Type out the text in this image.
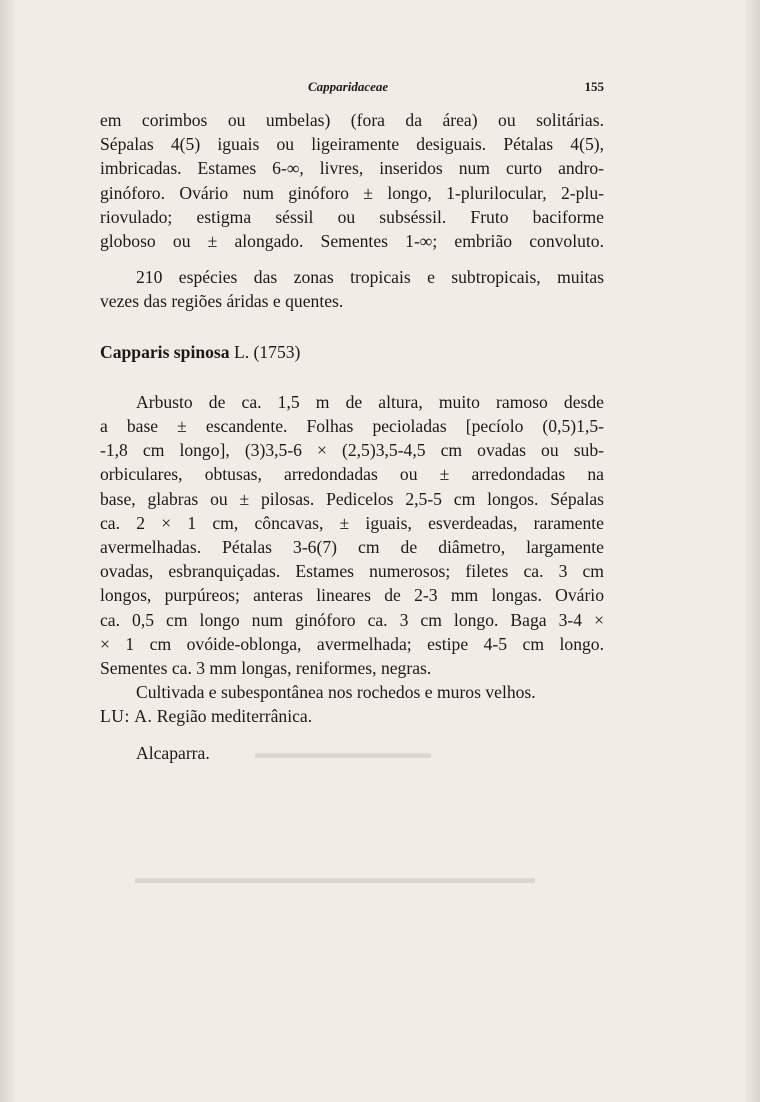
▬▬▬▬▬▬▬▬▬▬▬
▬▬▬▬▬▬▬▬▬▬▬▬▬▬▬▬▬▬▬▬▬▬▬▬▬
Capparidaceae	155
em corimbos ou umbelas) (fora da área) ou solitárias.
Sépalas 4(5) iguais ou ligeiramente desiguais. Pétalas 4(5),
imbricadas. Estames 6-∞, livres, inseridos num curto andro-
ginóforo. Ovário num ginóforo ± longo, 1-plurilocular, 2-plu-
riovulado; estigma séssil ou subséssil. Fruto baciforme
globoso ou ± alongado. Sementes 1-∞; embrião convoluto.
210 espécies das zonas tropicais e subtropicais, muitas
vezes das regiões áridas e quentes.
Capparis spinosa L. (1753)
Arbusto de ca. 1,5 m de altura, muito ramoso desde
a base ± escandente. Folhas pecioladas [pecíolo (0,5)1,5-
-1,8 cm longo], (3)3,5-6 × (2,5)3,5-4,5 cm ovadas ou sub-
orbiculares, obtusas, arredondadas ou ± arredondadas na
base, glabras ou ± pilosas. Pedicelos 2,5-5 cm longos. Sépalas
ca. 2 × 1 cm, côncavas, ± iguais, esverdeadas, raramente
avermelhadas. Pétalas 3-6(7) cm de diâmetro, largamente
ovadas, esbranquiçadas. Estames numerosos; filetes ca. 3 cm
longos, purpúreos; anteras lineares de 2-3 mm longas. Ovário
ca. 0,5 cm longo num ginóforo ca. 3 cm longo. Baga 3-4 ×
× 1 cm ovóide-oblonga, avermelhada; estipe 4-5 cm longo.
Sementes ca. 3 mm longas, reniformes, negras.
Cultivada e subespontânea nos rochedos e muros velhos.
LU: A. Região mediterrânica.
Alcaparra.
